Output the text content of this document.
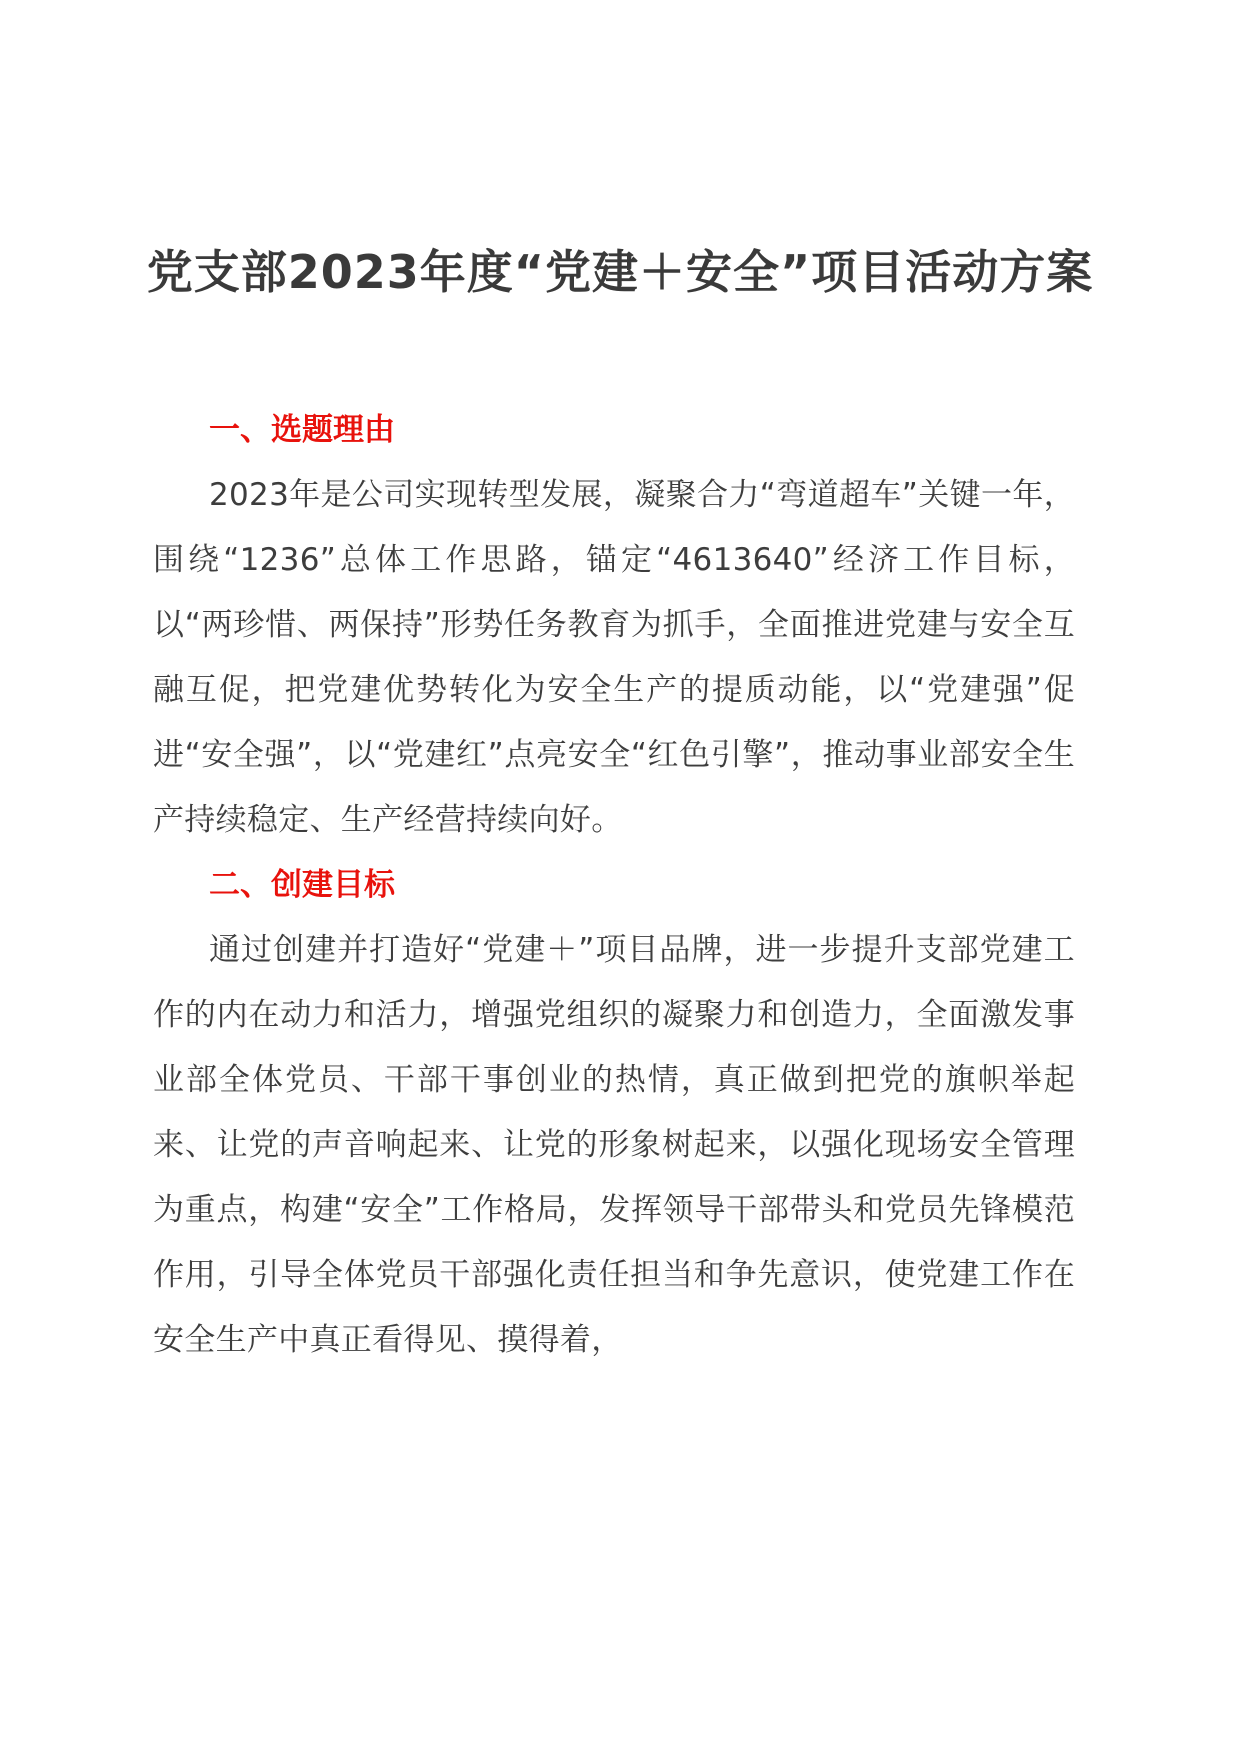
党支部2023年度“党建＋安全”项目活动方案
一、选题理由

2023年是公司实现转型发展，凝聚合力“弯道超车”关键一年，围绕“1236”总体工作思路，锚定“4613640”经济工作目标，以“两珍惜、两保持”形势任务教育为抓手，全面推进党建与安全互融互促，把党建优势转化为安全生产的提质动能，以“党建强”促进“安全强”，以“党建红”点亮安全“红色引擎”，推动事业部安全生产持续稳定、生产经营持续向好。

二、创建目标

通过创建并打造好“党建＋”项目品牌，进一步提升支部党建工作的内在动力和活力，增强党组织的凝聚力和创造力，全面激发事业部全体党员、干部干事创业的热情，真正做到把党的旗帜举起来、让党的声音响起来、让党的形象树起来，以强化现场安全管理为重点，构建“安全”工作格局，发挥领导干部带头和党员先锋模范作用，引导全体党员干部强化责任担当和争先意识，使党建工作在安全生产中真正看得见、摸得着，
